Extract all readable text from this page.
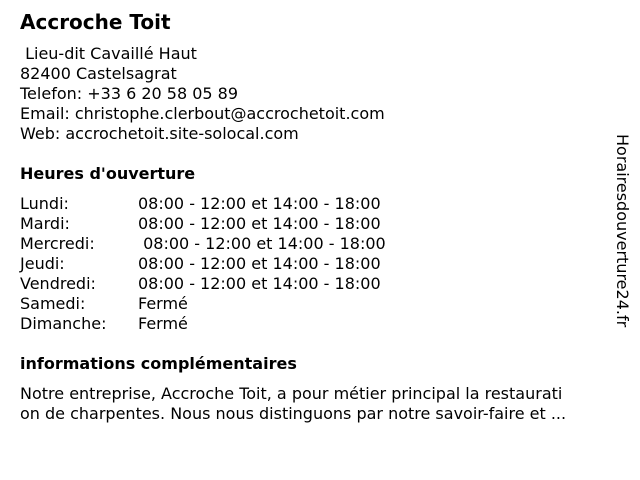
Accroche Toit
Lieu-dit Cavaillé Haut
82400 Castelsagrat
Telefon: +33 6 20 58 05 89
Email: christophe.clerbout@accrochetoit.com
Web: accrochetoit.site-solocal.com
Heures d'ouverture
Lundi:	08:00 - 12:00 et 14:00 - 18:00
Mardi:	08:00 - 12:00 et 14:00 - 18:00
Mercredi:	08:00 - 12:00 et 14:00 - 18:00
Jeudi:	08:00 - 12:00 et 14:00 - 18:00
Vendredi:	08:00 - 12:00 et 14:00 - 18:00
Samedi:	Fermé
Dimanche: Fermé
informations complémentaires
Notre entreprise, Accroche Toit, a pour métier principal la restaurati
on de charpentes. Nous nous distinguons par notre savoir-faire et ...
Horairesdouverture24.fr
